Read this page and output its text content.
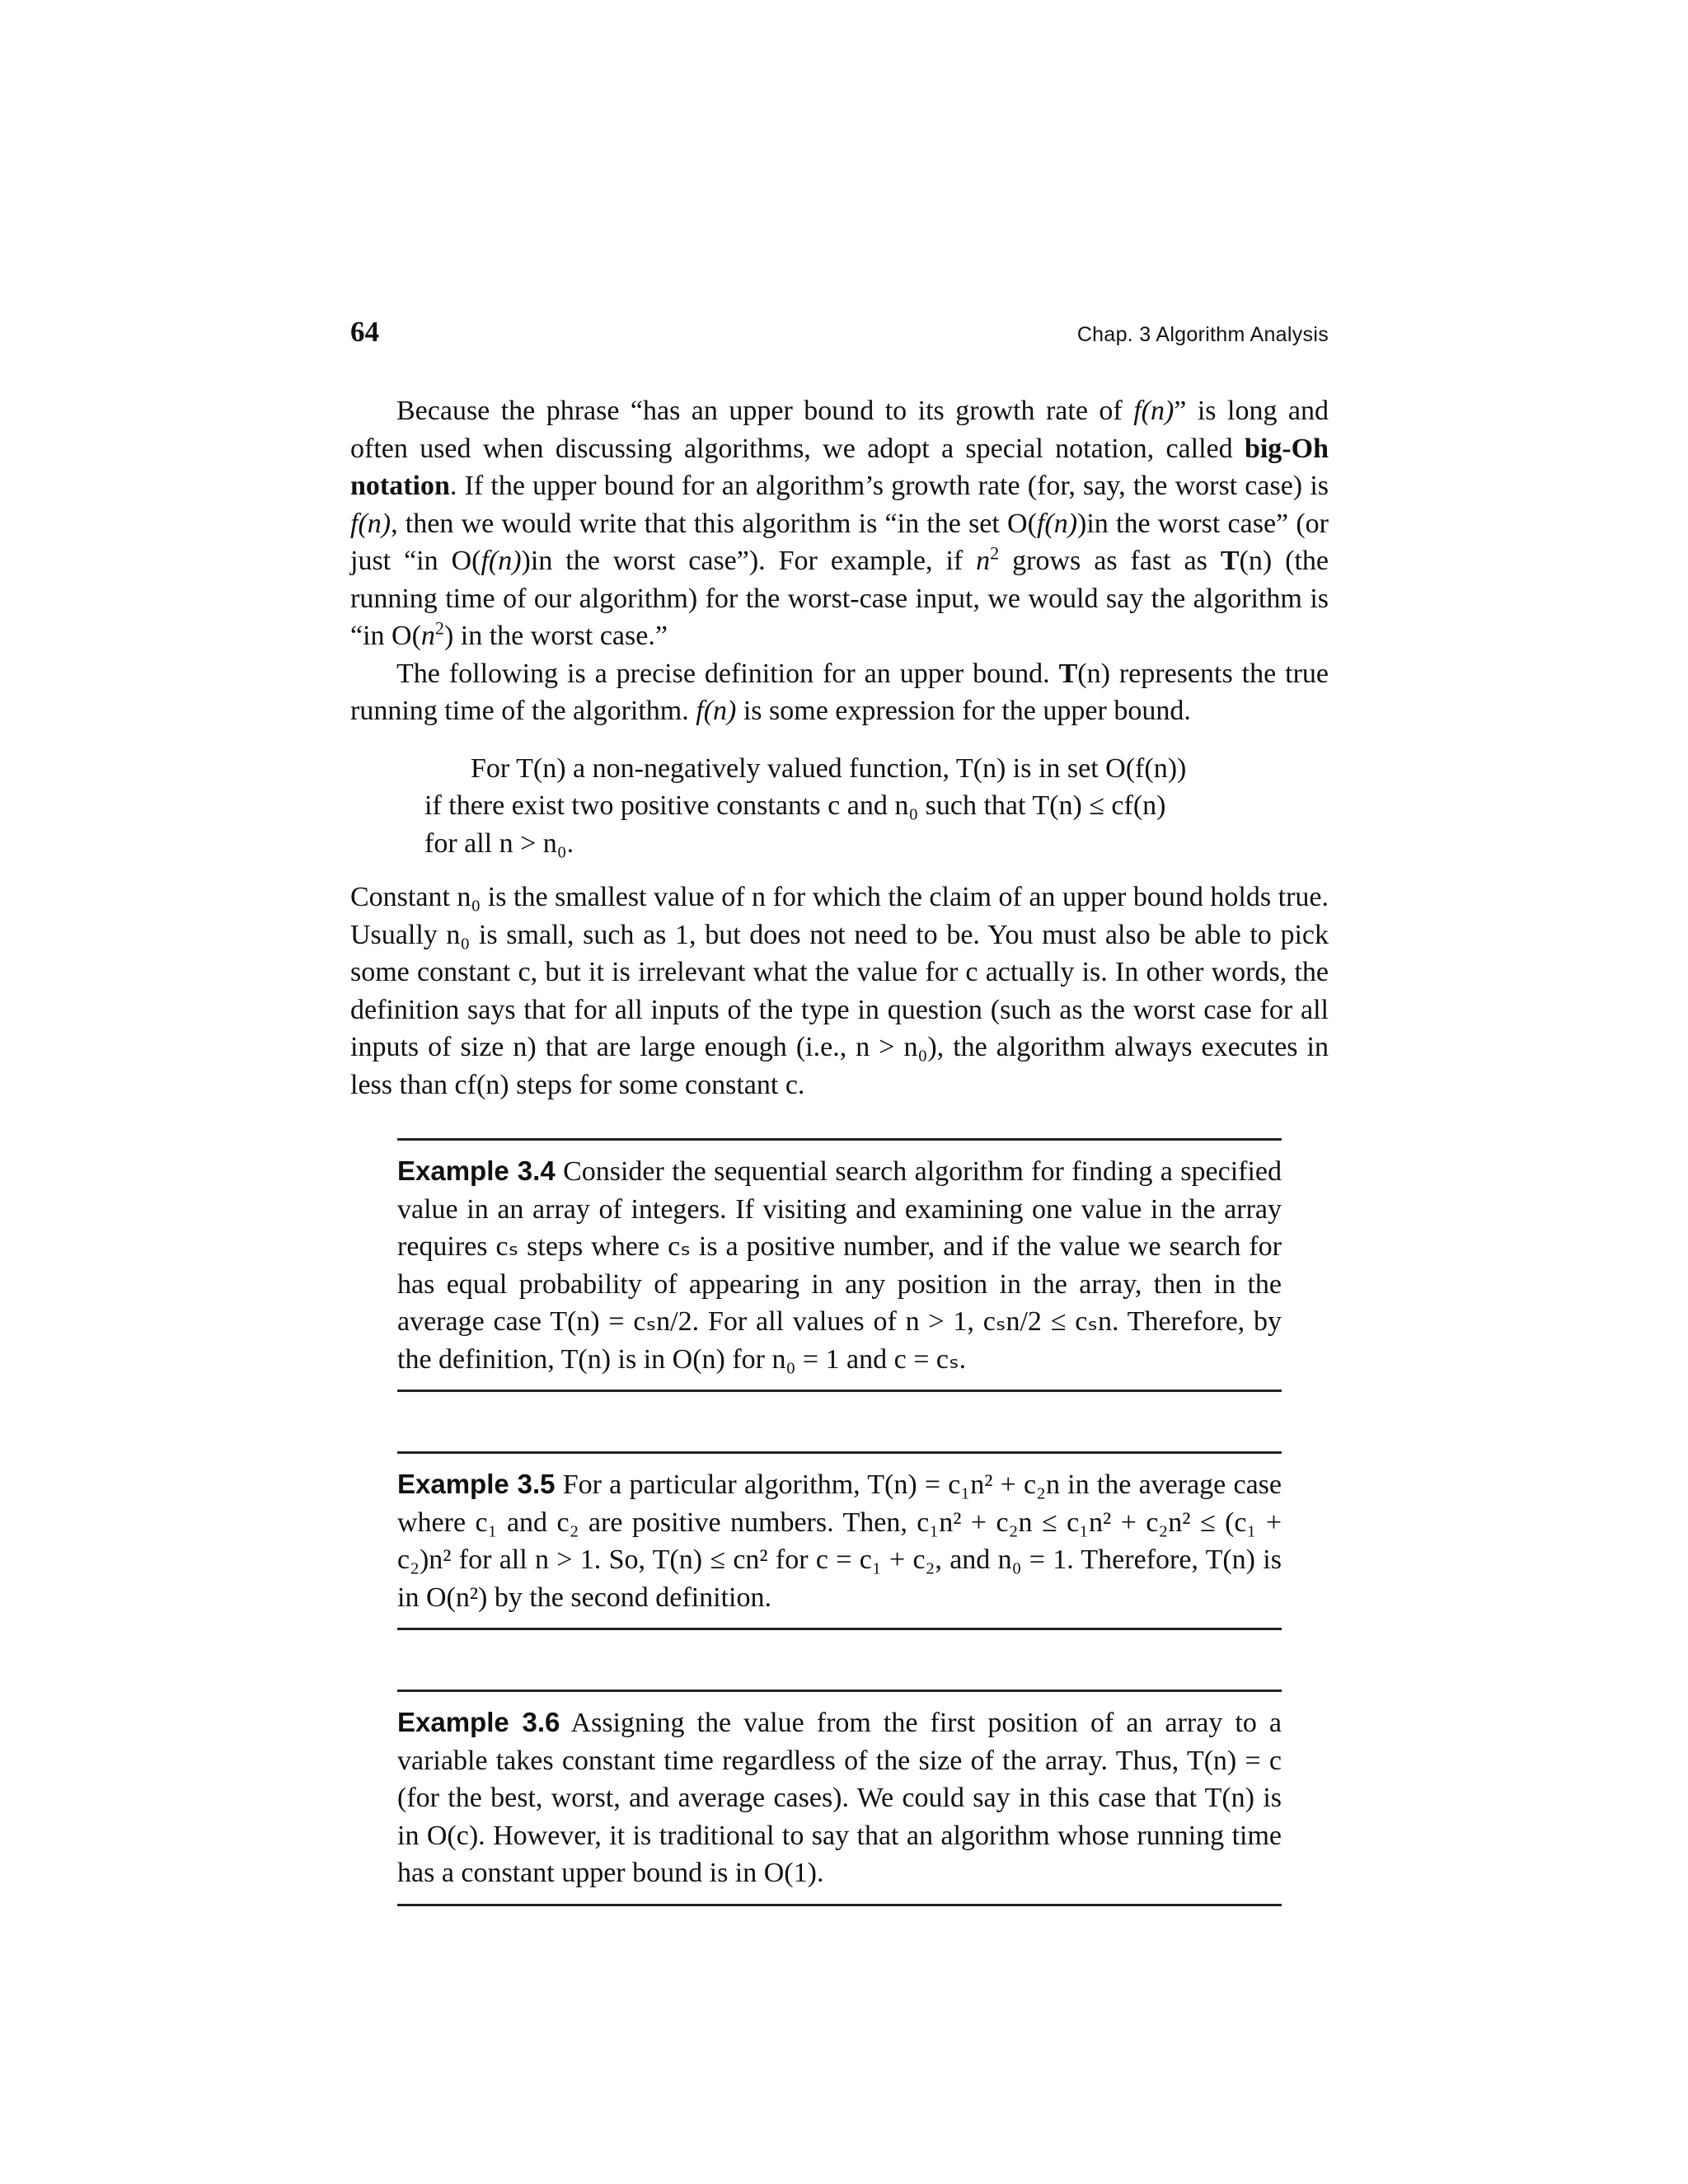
64	Chap. 3 Algorithm Analysis

Because the phrase “has an upper bound to its growth rate of f(n)” is long and often used when discussing algorithms, we adopt a special notation, called big-Oh notation. If the upper bound for an algorithm’s growth rate (for, say, the worst case) is f(n), then we would write that this algorithm is “in the set O(f(n))in the worst case” (or just “in O(f(n))in the worst case”). For example, if $n^2$ grows as fast as T(n) (the running time of our algorithm) for the worst-case input, we would say the algorithm is “in $O(n^2)$ in the worst case.”

The following is a precise definition for an upper bound. T(n) represents the true running time of the algorithm. f(n) is some expression for the upper bound.

For T(n) a non-negatively valued function, T(n) is in set O(f(n))
if there exist two positive constants c and n₀ such that T(n) ≤ cf(n)
for all n > n₀.

Constant n₀ is the smallest value of n for which the claim of an upper bound holds true. Usually n₀ is small, such as 1, but does not need to be. You must also be able to pick some constant c, but it is irrelevant what the value for c actually is. In other words, the definition says that for all inputs of the type in question (such as the worst case for all inputs of size n) that are large enough (i.e., n > n₀), the algorithm always executes in less than cf(n) steps for some constant c.

Example 3.4 Consider the sequential search algorithm for finding a specified value in an array of integers. If visiting and examining one value in the array requires cₛ steps where cₛ is a positive number, and if the value we search for has equal probability of appearing in any position in the array, then in the average case T(n) = cₛn/2. For all values of n > 1, cₛn/2 ≤ cₛn. Therefore, by the definition, T(n) is in O(n) for n₀ = 1 and c = cₛ.

Example 3.5 For a particular algorithm, T(n) = c₁n² + c₂n in the average case where c₁ and c₂ are positive numbers. Then, c₁n² + c₂n ≤ c₁n² + c₂n² ≤ (c₁ + c₂)n² for all n > 1. So, T(n) ≤ cn² for c = c₁ + c₂, and n₀ = 1. Therefore, T(n) is in O(n²) by the second definition.

Example 3.6 Assigning the value from the first position of an array to a variable takes constant time regardless of the size of the array. Thus, T(n) = c (for the best, worst, and average cases). We could say in this case that T(n) is in O(c). However, it is traditional to say that an algorithm whose running time has a constant upper bound is in O(1).
